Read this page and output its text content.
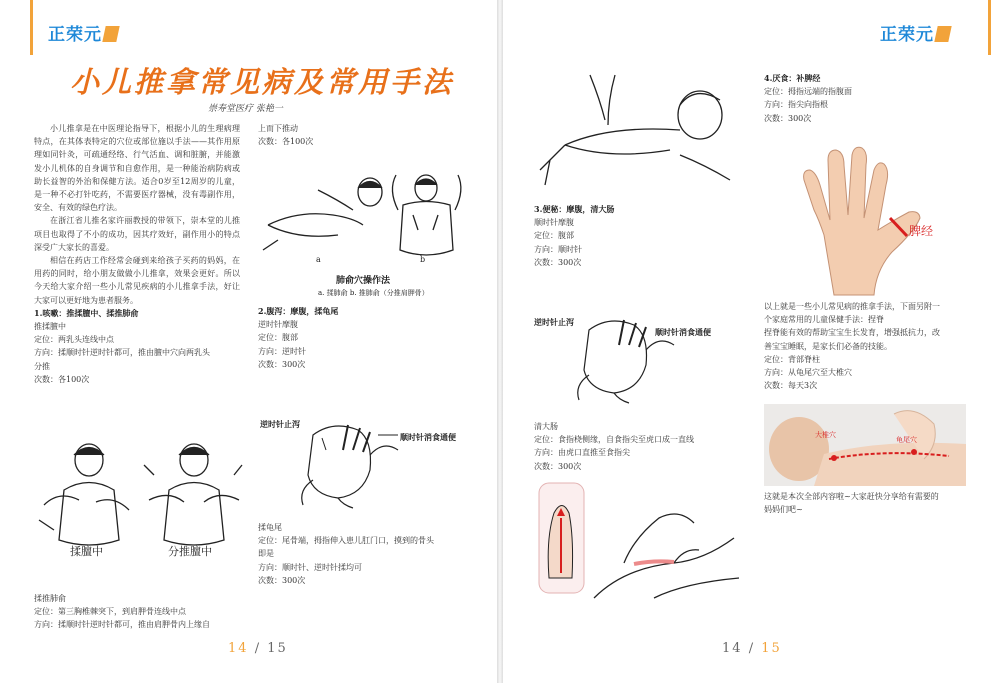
正荣元	正荣元
小儿推拿常见病及常用手法
崇寿堂医疗 张艳一

小儿推拿是在中医理论指导下，根据小儿的生理病理特点，在其体表特定的穴位或部位施以手法——其作用原理如同针灸，可疏通经络、行气活血、调和脏腑，并能激发小儿机体的自身调节和自愈作用，是一种能治病防病或助长益智的外治和保健方法。适合0岁至12周岁的儿童，是一种不必打针吃药，不需要医疗器械，没有毒副作用，安全、有效的绿色疗法。

在浙江省儿推名家许丽教授的带领下，崇本堂的儿推项目也取得了不小的成功，因其疗效好，副作用小的特点深受广大家长的喜爱。

相信在药店工作经常会碰到来给孩子买药的妈妈，在用药的同时，给小朋友做做小儿推拿，效果会更好。所以今天给大家介绍一些小儿常见疾病的小儿推拿手法，好让大家可以更好地为患者服务。

1.咳嗽：推揉膻中、揉推肺俞
推揉膻中
定位：两乳头连线中点
方向：揉顺时针逆时针都可，推由膻中穴向两乳头
分推
次数：各100次
揉膻中	分推膻中
揉推肺俞
定位：第三胸椎棘突下，到肩胛骨连线中点
方向：揉顺时针逆时针都可，推由肩胛骨内上缘自
上而下推动
次数：各100次
a	b
肺俞穴操作法
a. 揉肺俞 b. 推肺俞（分推肩胛骨）
2.腹泻：摩腹，揉龟尾
逆时针摩腹
定位：腹部
方向：逆时针
次数：300次
逆时针止泻
顺时针消食通便
揉龟尾
定位：尾骨端，拇指伸入患儿肛门口，摸到的骨头
即是
方向：顺时针、逆时针揉均可
次数：300次
3.便秘：摩腹，清大肠
顺时针摩腹
定位：腹部
方向：顺时针
次数：300次
逆时针止泻
顺时针消食通便
清大肠
定位：食指桡侧缘，自食指尖至虎口成一直线
方向：由虎口直推至食指尖
次数：300次
4.厌食：补脾经
定位：拇指远端的指腹面
方向：指尖向指根
次数：300次
脾经
以上就是一些小儿常见病的推拿手法，下面另附一
个家庭常用的儿童保健手法：捏脊
捏脊能有效的帮助宝宝生长发育，增强抵抗力，改
善宝宝睡眠，是家长们必备的技能。
定位：背部脊柱
方向：从龟尾穴至大椎穴
次数：每天3次
大椎穴
龟尾穴
这就是本次全部内容啦~大家赶快分享给有需要的
妈妈们吧~
14 / 15	14 / 15
